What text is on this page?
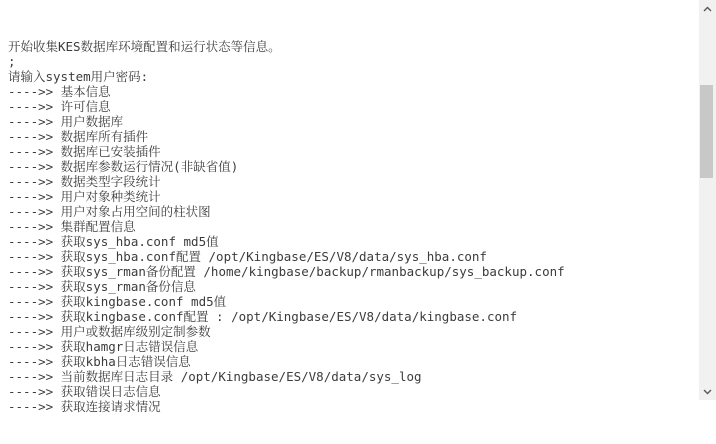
开始收集KES数据库环境配置和运行状态等信息。
;
请输入system用户密码:
---->> 基本信息
---->> 许可信息
---->> 用户数据库
---->> 数据库所有插件
---->> 数据库已安装插件
---->> 数据库参数运行情况(非缺省值)
---->> 数据类型字段统计
---->> 用户对象种类统计
---->> 用户对象占用空间的柱状图
---->> 集群配置信息
---->> 获取sys_hba.conf md5值
---->> 获取sys_hba.conf配置 /opt/Kingbase/ES/V8/data/sys_hba.conf
---->> 获取sys_rman备份配置 /home/kingbase/backup/rmanbackup/sys_backup.conf
---->> 获取sys_rman备份信息
---->> 获取kingbase.conf md5值
---->> 获取kingbase.conf配置 : /opt/Kingbase/ES/V8/data/kingbase.conf
---->> 用户或数据库级别定制参数
---->> 获取hamgr日志错误信息
---->> 获取kbha日志错误信息
---->> 当前数据库日志目录 /opt/Kingbase/ES/V8/data/sys_log
---->> 获取错误日志信息
---->> 获取连接请求情况
